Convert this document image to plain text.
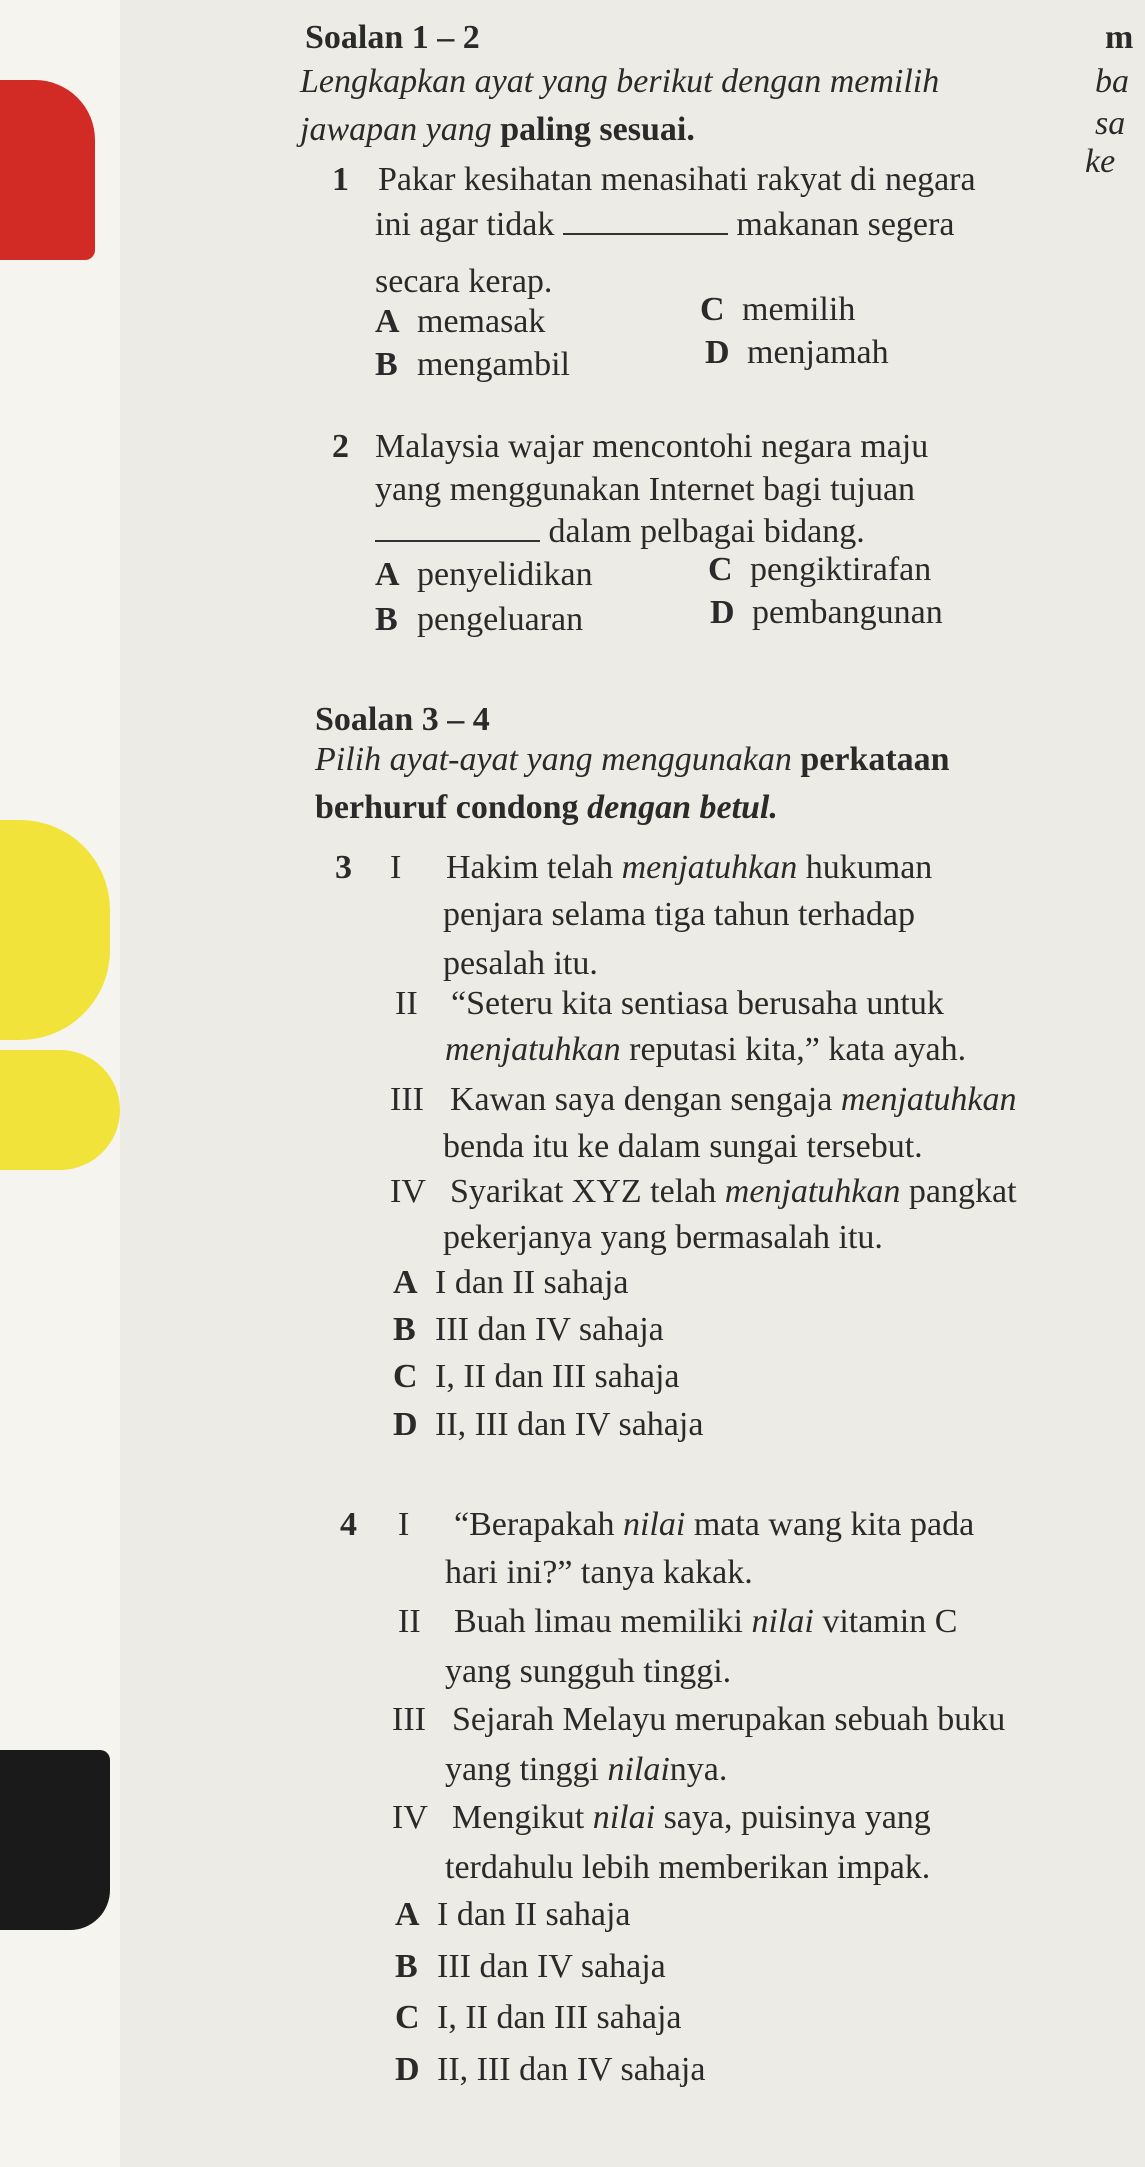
m
ba
sa
ke
Soalan 1 – 2
Lengkapkan ayat yang berikut dengan memilih
jawapan yang paling sesuai.
1 Pakar kesihatan menasihati rakyat di negara
ini agar tidak	makanan segera
secara kerap.
A memasak
B mengambil
C memilih
D menjamah
2 Malaysia wajar mencontohi negara maju
yang menggunakan Internet bagi tujuan
dalam pelbagai bidang.
A penyelidikan
B pengeluaran
C pengiktirafan
D pembangunan
Soalan 3 – 4
Pilih ayat-ayat yang menggunakan perkataan
berhuruf condong dengan betul.
3 I Hakim telah menjatuhkan hukuman
penjara selama tiga tahun terhadap
pesalah itu.
II “Seteru kita sentiasa berusaha untuk
menjatuhkan reputasi kita,” kata ayah.
III Kawan saya dengan sengaja menjatuhkan
benda itu ke dalam sungai tersebut.
IV Syarikat XYZ telah menjatuhkan pangkat
pekerjanya yang bermasalah itu.
A I dan II sahaja
B III dan IV sahaja
C I, II dan III sahaja
D II, III dan IV sahaja
4 I “Berapakah nilai mata wang kita pada
hari ini?” tanya kakak.
II Buah limau memiliki nilai vitamin C
yang sungguh tinggi.
III Sejarah Melayu merupakan sebuah buku
yang tinggi nilainya.
IV Mengikut nilai saya, puisinya yang
terdahulu lebih memberikan impak.
A I dan II sahaja
B III dan IV sahaja
C I, II dan III sahaja
D II, III dan IV sahaja
